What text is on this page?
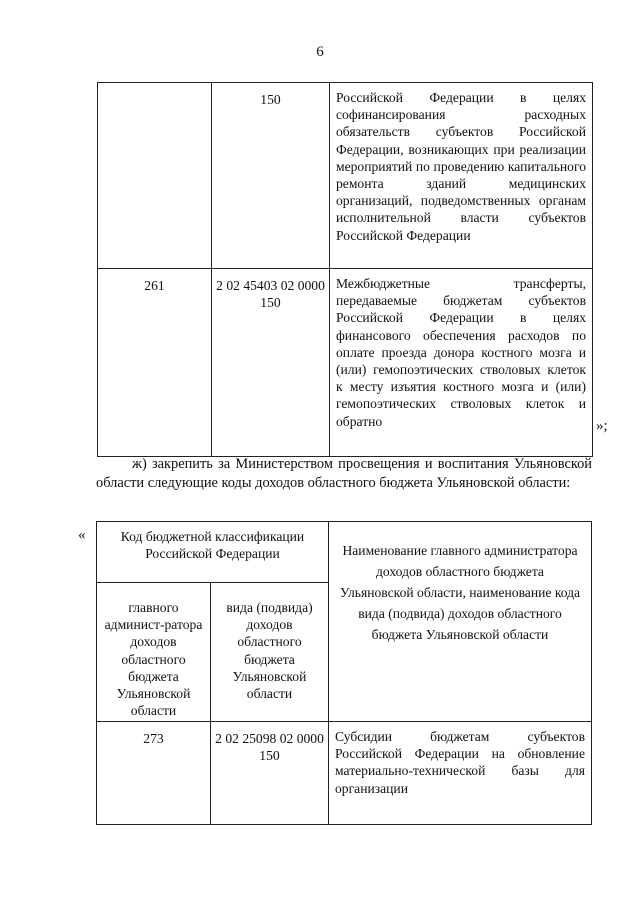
6
	150	Российской Федерации в целях софинансирования расходных обязательств субъектов Российской Федерации, возникающих при реализации мероприятий по проведению капитального ремонта зданий медицинских организаций, подведомственных органам исполнительной власти субъектов Российской Федерации
261	2 02 45403 02 0000 150	Межбюджетные трансферты, передаваемые бюджетам субъектов Российской Федерации в целях финансового обеспечения расходов по оплате проезда донора костного мозга и (или) гемопоэтических стволовых клеток к месту изъятия костного мозга и (или) гемопоэтических стволовых клеток и обратно	»;
ж) закрепить за Министерством просвещения и воспитания Ульяновской области следующие коды доходов областного бюджета Ульяновской области:
«	Код бюджетной классификации Российской Федерации		Наименование главного администратора доходов областного бюджета Ульяновской области, наименование кода вида (подвида) доходов областного бюджета Ульяновской области
главного админист-ратора доходов областного бюджета Ульяновской области	вида (подвида) доходов областного бюджета Ульяновской области	
273	2 02 25098 02 0000 150	Субсидии бюджетам субъектов Российской Федерации на обновление материально-технической базы для организации
